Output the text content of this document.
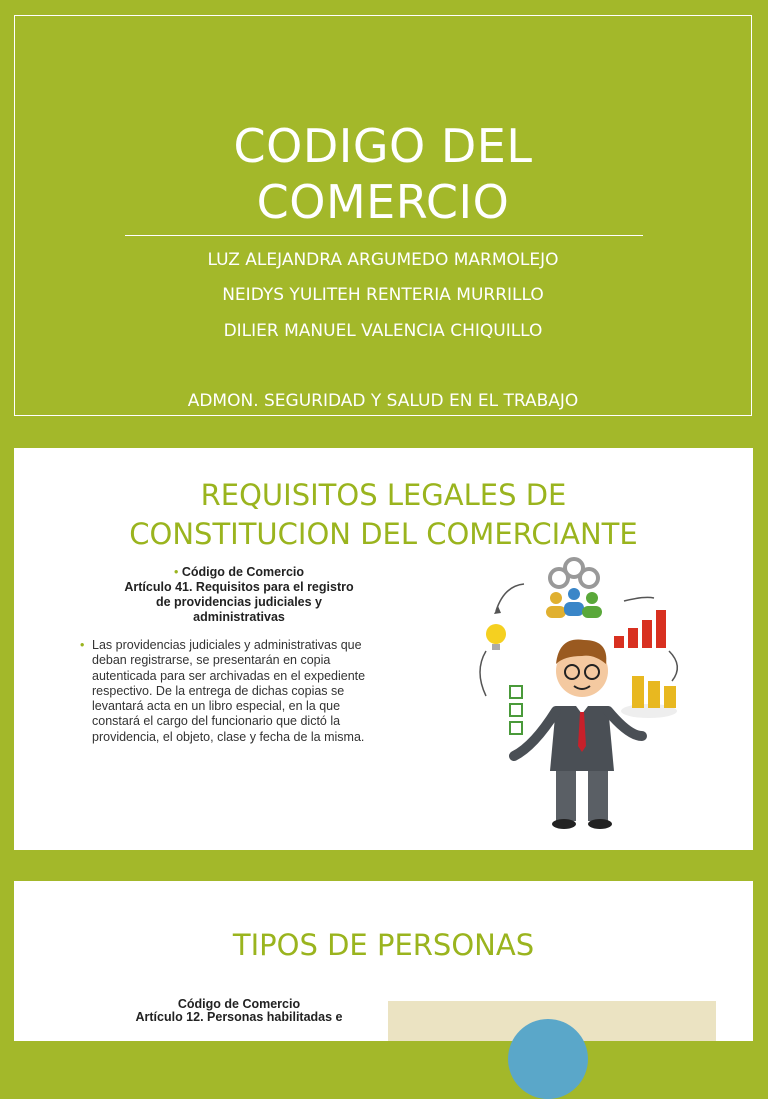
CODIGO DEL
COMERCIO
LUZ ALEJANDRA ARGUMEDO MARMOLEJO
NEIDYS YULITEH RENTERIA MURRILLO
DILIER MANUEL VALENCIA CHIQUILLO
ADMON. SEGURIDAD Y SALUD EN EL TRABAJO
REQUISITOS LEGALES DE
CONSTITUCION DEL COMERCIANTE
• Código de Comercio
Artículo 41. Requisitos para el registro
de providencias judiciales y
administrativas
• Las providencias judiciales y administrativas que deban registrarse, se presentarán en copia autenticada para ser archivadas en el expediente respectivo. De la entrega de dichas copias se levantará acta en un libro especial, en la que constará el cargo del funcionario que dictó la providencia, el objeto, clase y fecha de la misma.
TIPOS DE PERSONAS
Código de Comercio
Artículo 12. Personas habilitadas e
